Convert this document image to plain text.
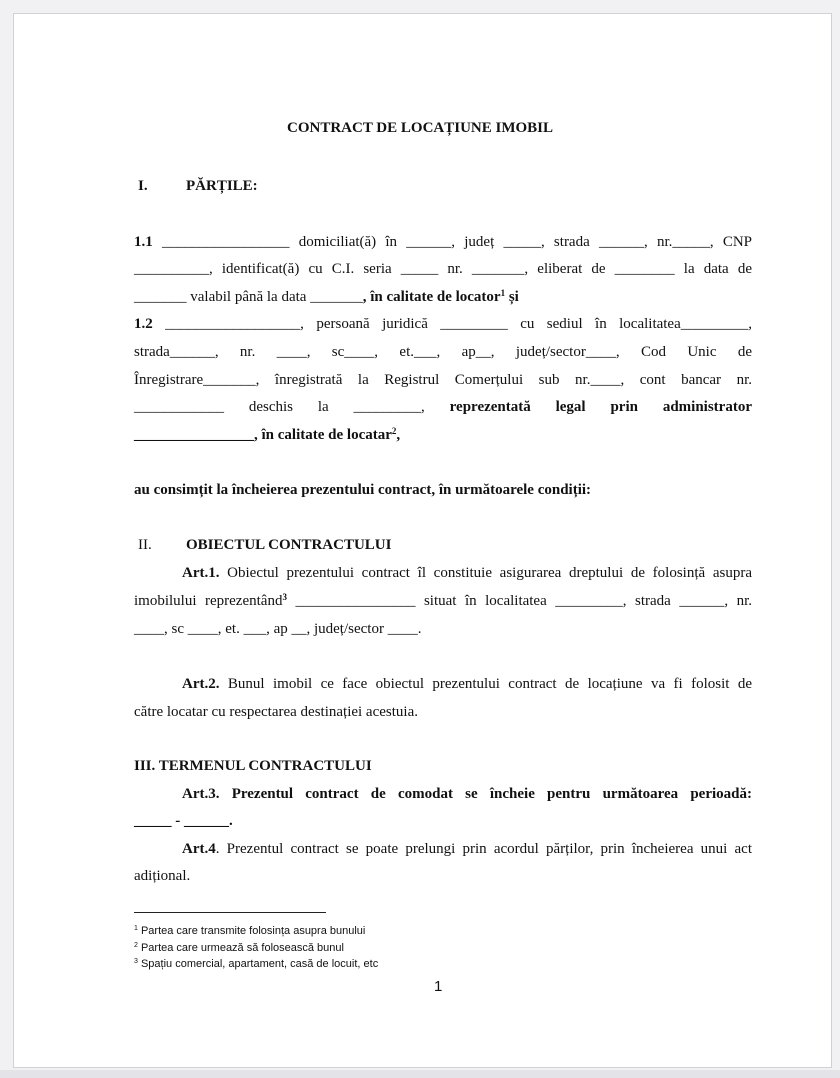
CONTRACT DE LOCAȚIUNE IMOBIL
I.	PĂRȚILE:
1.1 _________________ domiciliat(ă) în ______, județ _____, strada ______, nr._____, CNP
__________, identificat(ă) cu C.I. seria _____ nr. _______, eliberat de ________ la data de
_______ valabil până la data _______, în calitate de locator$^1$ și
1.2 __________________, persoană juridică _________ cu sediul în localitatea_________,
strada______, nr. ____, sc____, et.___, ap__, județ/sector____, Cod Unic de
Înregistrare_______, înregistrată la Registrul Comerțului sub nr.____, cont bancar nr.
____________ deschis la _________, reprezentată legal prin administrator
________________, în calitate de locatar$^2$,
au consimțit la încheierea prezentului contract, în următoarele condiții:
II. OBIECTUL CONTRACTULUI
Art.1. Obiectul prezentului contract îl constituie asigurarea dreptului de folosință asupra
imobilului reprezentând$^3$ ________________ situat în localitatea _________, strada ______, nr.
____, sc ____, et. ___, ap __, județ/sector ____.
Art.2. Bunul imobil ce face obiectul prezentului contract de locațiune va fi folosit de
către locatar cu respectarea destinației acestuia.
III. TERMENUL CONTRACTULUI
Art.3. Prezentul contract de comodat se încheie pentru următoarea perioadă:
_____ - ______.
Art.4. Prezentul contract se poate prelungi prin acordul părților, prin încheierea unui act
adițional.
$^1$ Partea care transmite folosința asupra bunului
$^2$ Partea care urmează să folosească bunul
$^3$ Spațiu comercial, apartament, casă de locuit, etc
1
